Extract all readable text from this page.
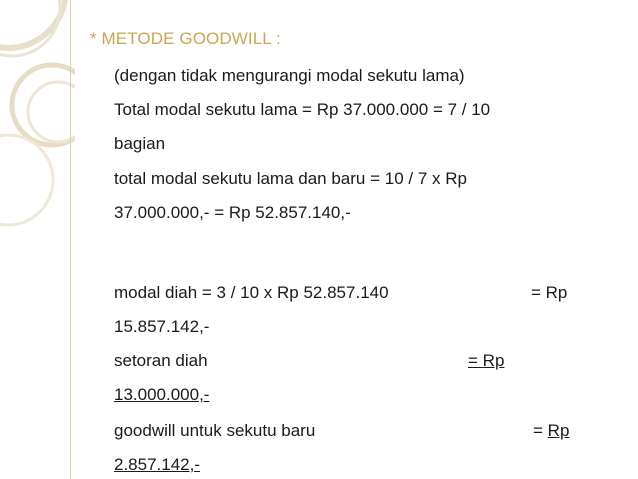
* METODE GOODWILL :
(dengan tidak mengurangi modal sekutu lama)
Total modal sekutu lama = Rp 37.000.000 = 7 / 10
bagian
total modal sekutu lama dan baru = 10 / 7 x Rp
37.000.000,- = Rp 52.857.140,-
modal diah = 3 / 10 x Rp 52.857.140	= Rp
15.857.142,-
setoran diah	= Rp
13.000.000,-
goodwill untuk sekutu baru	= Rp
2.857.142,-
